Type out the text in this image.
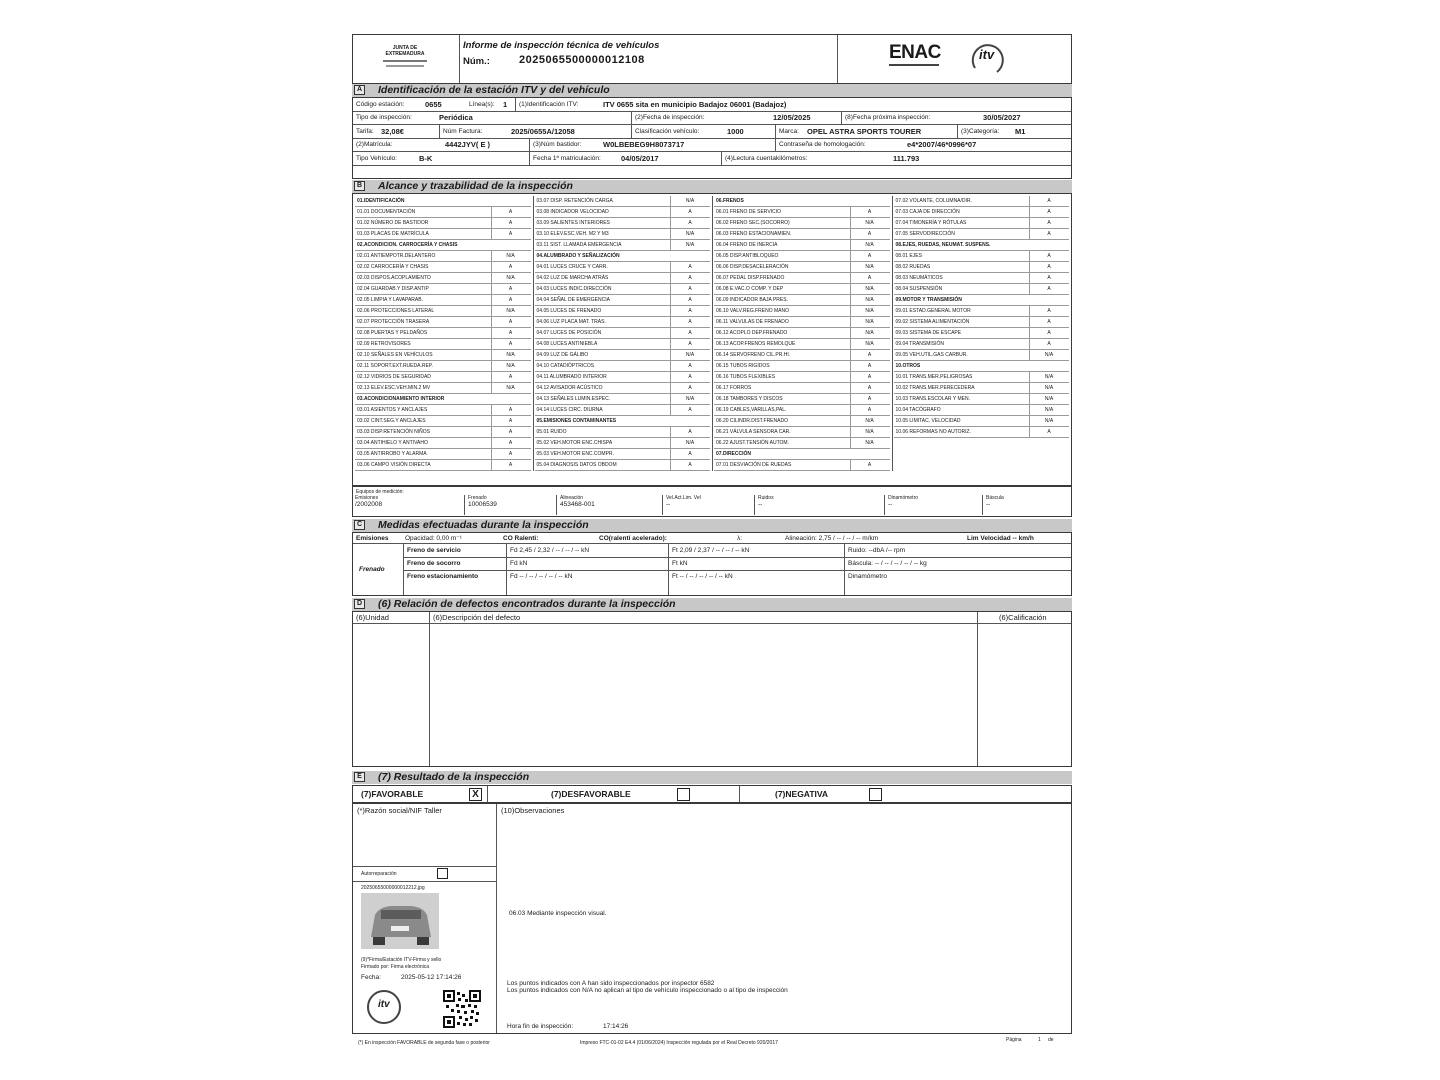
JUNTA DE
EXTREMADURA
Informe de inspección técnica de vehículos
Núm.:	2025065500000012108	ENAC	itv
A Identificación de la estación ITV y del vehículo
Código estación:	0655	Línea(s): 1 (1)Identificación ITV:	ITV 0655 sita en municipio Badajoz 06001 (Badajoz)
Tipo de inspección:	Periódica	(2)Fecha de inspección:	12/05/2025	(8)Fecha próxima inspección:	30/05/2027
Tarifa: 32,08€	Núm Factura:	2025/0655A/12058	Clasificación vehículo:	1000	Marca: OPEL ASTRA SPORTS TOURER	(3)Categoría: M1
(2)Matrícula:	4442JYV( E )	(3)Núm bastidor:	W0LBEBEG9H8073717	Contraseña de homologación:	e4*2007/46*0996*07
Tipo Vehículo:	B-K	Fecha 1ª matriculación:	04/05/2017	(4)Lectura cuentakilómetros:	111.793
B Alcance y trazabilidad de la inspección
01.IDENTIFICACIÓN
01.01 DOCUMENTACIÓN	A
01.02 NÚMERO DE BASTIDOR	A
01.03 PLACAS DE MATRÍCULA	A
02.ACONDICION. CARROCERÍA Y CHASIS
02.01 ANTIEMPOTR.DELANTERO	N/A
02.02 CARROCERÍA Y CHASIS	A
02.03 DISPOS.ACOPLAMIENTO	N/A
02.04 GUARDAB.Y DISP.ANTIP	A
02.05 LIMPIA Y LAVAPARAB.	A
02.06 PROTECCIONES LATERAL	N/A
02.07 PROTECCIÓN TRASERA	A
02.08 PUERTAS Y PELDAÑOS	A
02.09 RETROVISORES	A
02.10 SEÑALES EN VEHÍCULOS	N/A
02.11 SOPORT.EXT.RUEDA.REP.	N/A
02.12 VIDRIOS DE SEGURIDAD	A
02.13 ELEV.ESC.VEH.MIN.2 MV	N/A
03.ACONDICIONAMIENTO INTERIOR
03.01 ASIENTOS Y ANCLAJES	A
03.02 CINT.SEG.Y ANCLAJES	A
03.03 DISP.RETENCIÓN NIÑOS	A
03.04 ANTIHIELO Y ANTIVAHO	A
03.05 ANTIRROBO Y ALARMA	A
03.06 CAMPO VISIÓN DIRECTA	A
03.07 DISP. RETENCIÓN CARGA	N/A
03.08 INDICADOR VELOCIDAD	A
03.09 SALIENTES INTERIORES	A
03.10 ELEV.ESC.VEH. M2 Y M3	N/A
03.11 SIST. LLAMADA EMERGENCIA	N/A
04.ALUMBRADO Y SEÑALIZACIÓN
04.01 LUCES CRUCE Y CARR.	A
04.02 LUZ DE MARCHA ATRÁS	A
04.03 LUCES INDIC.DIRECCIÓN	A
04.04 SEÑAL DE EMERGENCIA	A
04.05 LUCES DE FRENADO	A
04.06 LUZ PLACA MAT. TRAS.	A
04.07 LUCES DE POSICIÓN	A
04.08 LUCES ANTINIEBLA	A
04.09 LUZ DE GÁLIBO	N/A
04.10 CATADIÓPTRICOS	A
04.11 ALUMBRADO INTERIOR	A
04.12 AVISADOR ACÚSTICO	A
04.13 SEÑALES LUMIN.ESPEC.	N/A
04.14 LUCES CIRC. DIURNA	A
05.EMISIONES CONTAMINANTES
05.01 RUIDO	A
05.02 VEH.MOTOR ENC.CHISPA	N/A
05.03 VEH.MOTOR ENC.COMPR.	A
05.04 DIAGNOSIS DATOS OBDOM	A
06.FRENOS
06.01 FRENO DE SERVICIO	A
06.02 FRENO SEC.(SOCORRO)	N/A
06.03 FRENO ESTACIONAMIEN.	A
06.04 FRENO DE INERCIA	N/A
06.05 DISP.ANTIBLOQUEO	A
06.06 DISP.DESACELERACIÓN	N/A
06.07 PEDAL DISP.FRENADO	A
06.08 E.VAC.O COMP. Y DEP	N/A
06.09 INDICADOR BAJA PRES.	N/A
06.10 VALV.REG.FRENO MANO	N/A
06.11 VALVULAS DE FRENADO	N/A
06.12 ACOPLO DEP.FRENADO	N/A
06.13 ACOP.FRENOS REMOLQUE	N/A
06.14 SERVOFRENO CIL.PR.HI.	A
06.15 TUBOS RIGIDOS	A
06.16 TUBOS FLEXIBLES	A
06.17 FORROS	A
06.18 TAMBORES Y DISCOS	A
06.19 CABLES,VARILLAS,PAL.	A
06.20 CILINDR.DIST.FRENADO	N/A
06.21 VÁLVULA SENSORA CAR.	N/A
06.22 AJUST.TENSIÓN AUTOM.	N/A
07.DIRECCIÓN
07.01 DESVIACIÓN DE RUEDAS	A
07.02 VOLANTE, COLUMNA/DIR.	A
07.03 CAJA DE DIRECCIÓN	A
07.04 TIMONERÍA Y RÓTULAS	A
07.05 SERVODIRECCIÓN	A
08.EJES, RUEDAS, NEUMAT. SUSPENS.
08.01 EJES	A
08.02 RUEDAS	A
08.03 NEUMÁTICOS	A
08.04 SUSPENSIÓN	A
09.MOTOR Y TRANSMISIÓN
09.01 ESTAD.GENERAL MOTOR	A
09.02 SISTEMA ALIMENTACIÓN	A
09.03 SISTEMA DE ESCAPE	A
09.04 TRANSMISIÓN	A
09.05 VEH.UTIL.GAS CARBUR.	N/A
10.OTROS
10.01 TRANS.MER.PELIGROSAS	N/A
10.02 TRANS.MER.PERECEDERA	N/A
10.03 TRANS.ESCOLAR Y MEN.	N/A
10.04 TACÓGRAFO	N/A
10.05 LIMITAC. VELOCIDAD	N/A
10.06 REFORMAS NO AUTORIZ.	A
Equipos de medición:
Emisiones
/2002008
Frenado
10006539
Alineación
453468-001
Vel.Act.Lim. Vel
--
Ruidos
--
Dinamómetro
--
Báscula
--
C Medidas efectuadas durante la inspección
Emisiones	Opacidad: 0,00 m⁻¹	CO Ralentí:	CO(ralentí acelerado):	λ:	Alineación: 2,75 / -- / -- / -- m/km	Lim Velocidad -- km/h
Frenado
Freno de servicio	Fd 2,45 / 2,32 / -- / -- / -- kN	Ft 2,09 / 2,37 / -- / -- / -- kN	Ruido: --dbA /-- rpm
Freno de socorro	Fd kN	Ft kN	Báscula: -- / -- / -- / -- / -- kg
Freno estacionamiento	Fd -- / -- / -- / -- / -- kN	Ft -- / -- / -- / -- / -- kN	Dinamómetro
D (6) Relación de defectos encontrados durante la inspección
(6)Unidad	(6)Descripción del defecto	(6)Calificación
E	(7) Resultado de la inspección
(7)FAVORABLE	X	(7)DESFAVORABLE	(7)NEGATIVA
(*)Razón social/NIF Taller	(10)Observaciones
Autorreparación
20250655000000012212.jpg
(9)*Firma/Estación ITV-Firma y sello
Firmado por: Firma electrónica
Fecha:	2025-05-12 17:14:26
itv
06.03 Mediante inspección visual.
Los puntos indicados con A han sido inspeccionados por inspector 6582
Los puntos indicados con N/A no aplican al tipo de vehículo inspeccionado o al tipo de inspección
Hora fin de inspección:	17:14:26
(*) En inspección FAVORABLE de segunda fase o posterior	Impreso FTC-01-02 E4.4 (01/06/2024) Inspección regulada por el Real Decreto 920/2017	Página	1 de
